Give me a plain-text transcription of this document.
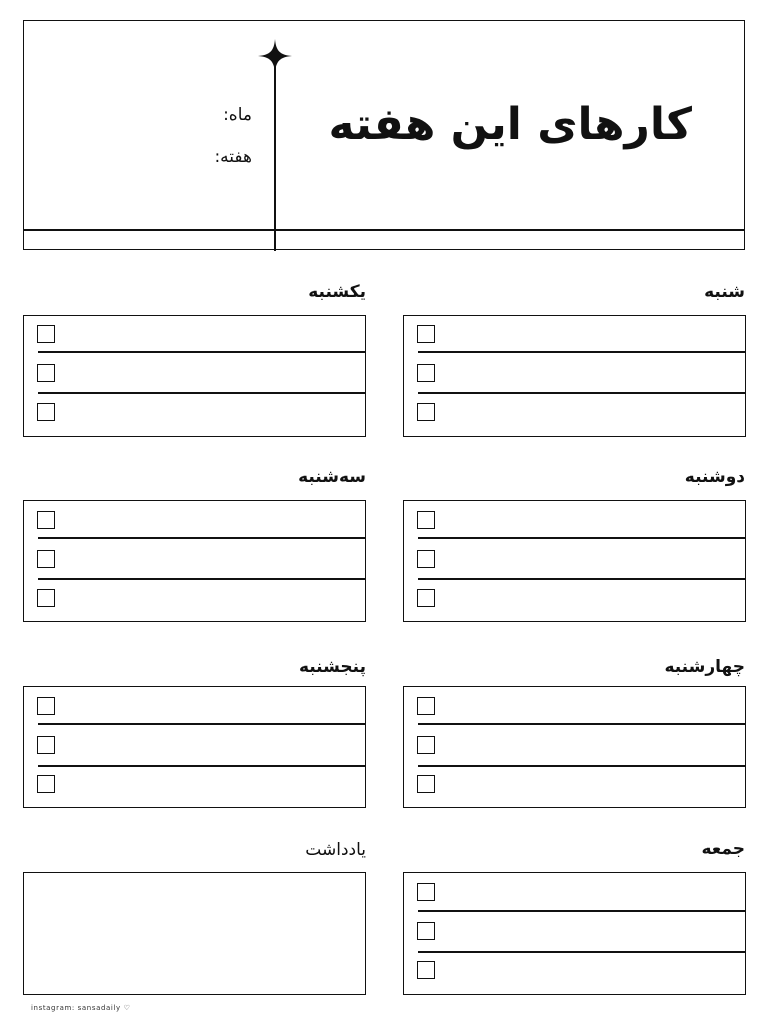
کارهای این هفته
ماه:
هفته:
شنبه
یکشنبه
دوشنبه
سه‌شنبه
چهارشنبه
پنجشنبه
جمعه
یادداشت
instagram: sansadaily ♡
